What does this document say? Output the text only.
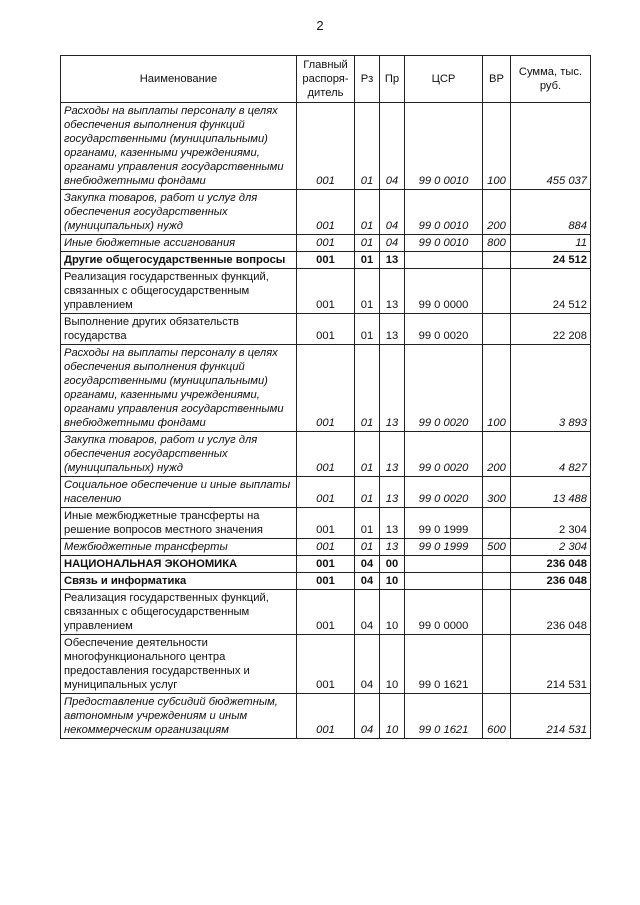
2
Наименование	Главный распоря-дитель	Рз	Пр	ЦСР	ВР	Сумма, тыс. руб.
Расходы на выплаты персоналу в целях обеспечения выполнения функций государственными (муниципальными) органами, казенными учреждениями, органами управления государственными внебюджетными фондами	001	01	04	99 0 0010	100	455 037
Закупка товаров, работ и услуг для обеспечения государственных (муниципальных) нужд	001	01	04	99 0 0010	200	884
Иные бюджетные ассигнования	001	01	04	99 0 0010	800	11
Другие общегосударственные вопросы	001	01	13			24 512
Реализация государственных функций, связанных с общегосударственным управлением	001	01	13	99 0 0000		24 512
Выполнение других обязательств государства	001	01	13	99 0 0020		22 208
Расходы на выплаты персоналу в целях обеспечения выполнения функций государственными (муниципальными) органами, казенными учреждениями, органами управления государственными внебюджетными фондами	001	01	13	99 0 0020	100	3 893
Закупка товаров, работ и услуг для обеспечения государственных (муниципальных) нужд	001	01	13	99 0 0020	200	4 827
Социальное обеспечение и иные выплаты населению	001	01	13	99 0 0020	300	13 488
Иные межбюджетные трансферты на решение вопросов местного значения	001	01	13	99 0 1999		2 304
Межбюджетные трансферты	001	01	13	99 0 1999	500	2 304
НАЦИОНАЛЬНАЯ ЭКОНОМИКА	001	04	00			236 048
Связь и информатика	001	04	10			236 048
Реализация государственных функций, связанных с общегосударственным управлением	001	04	10	99 0 0000		236 048
Обеспечение деятельности многофункционального центра предоставления государственных и муниципальных услуг	001	04	10	99 0 1621		214 531
Предоставление субсидий бюджетным, автономным учреждениям и иным некоммерческим организациям	001	04	10	99 0 1621	600	214 531
